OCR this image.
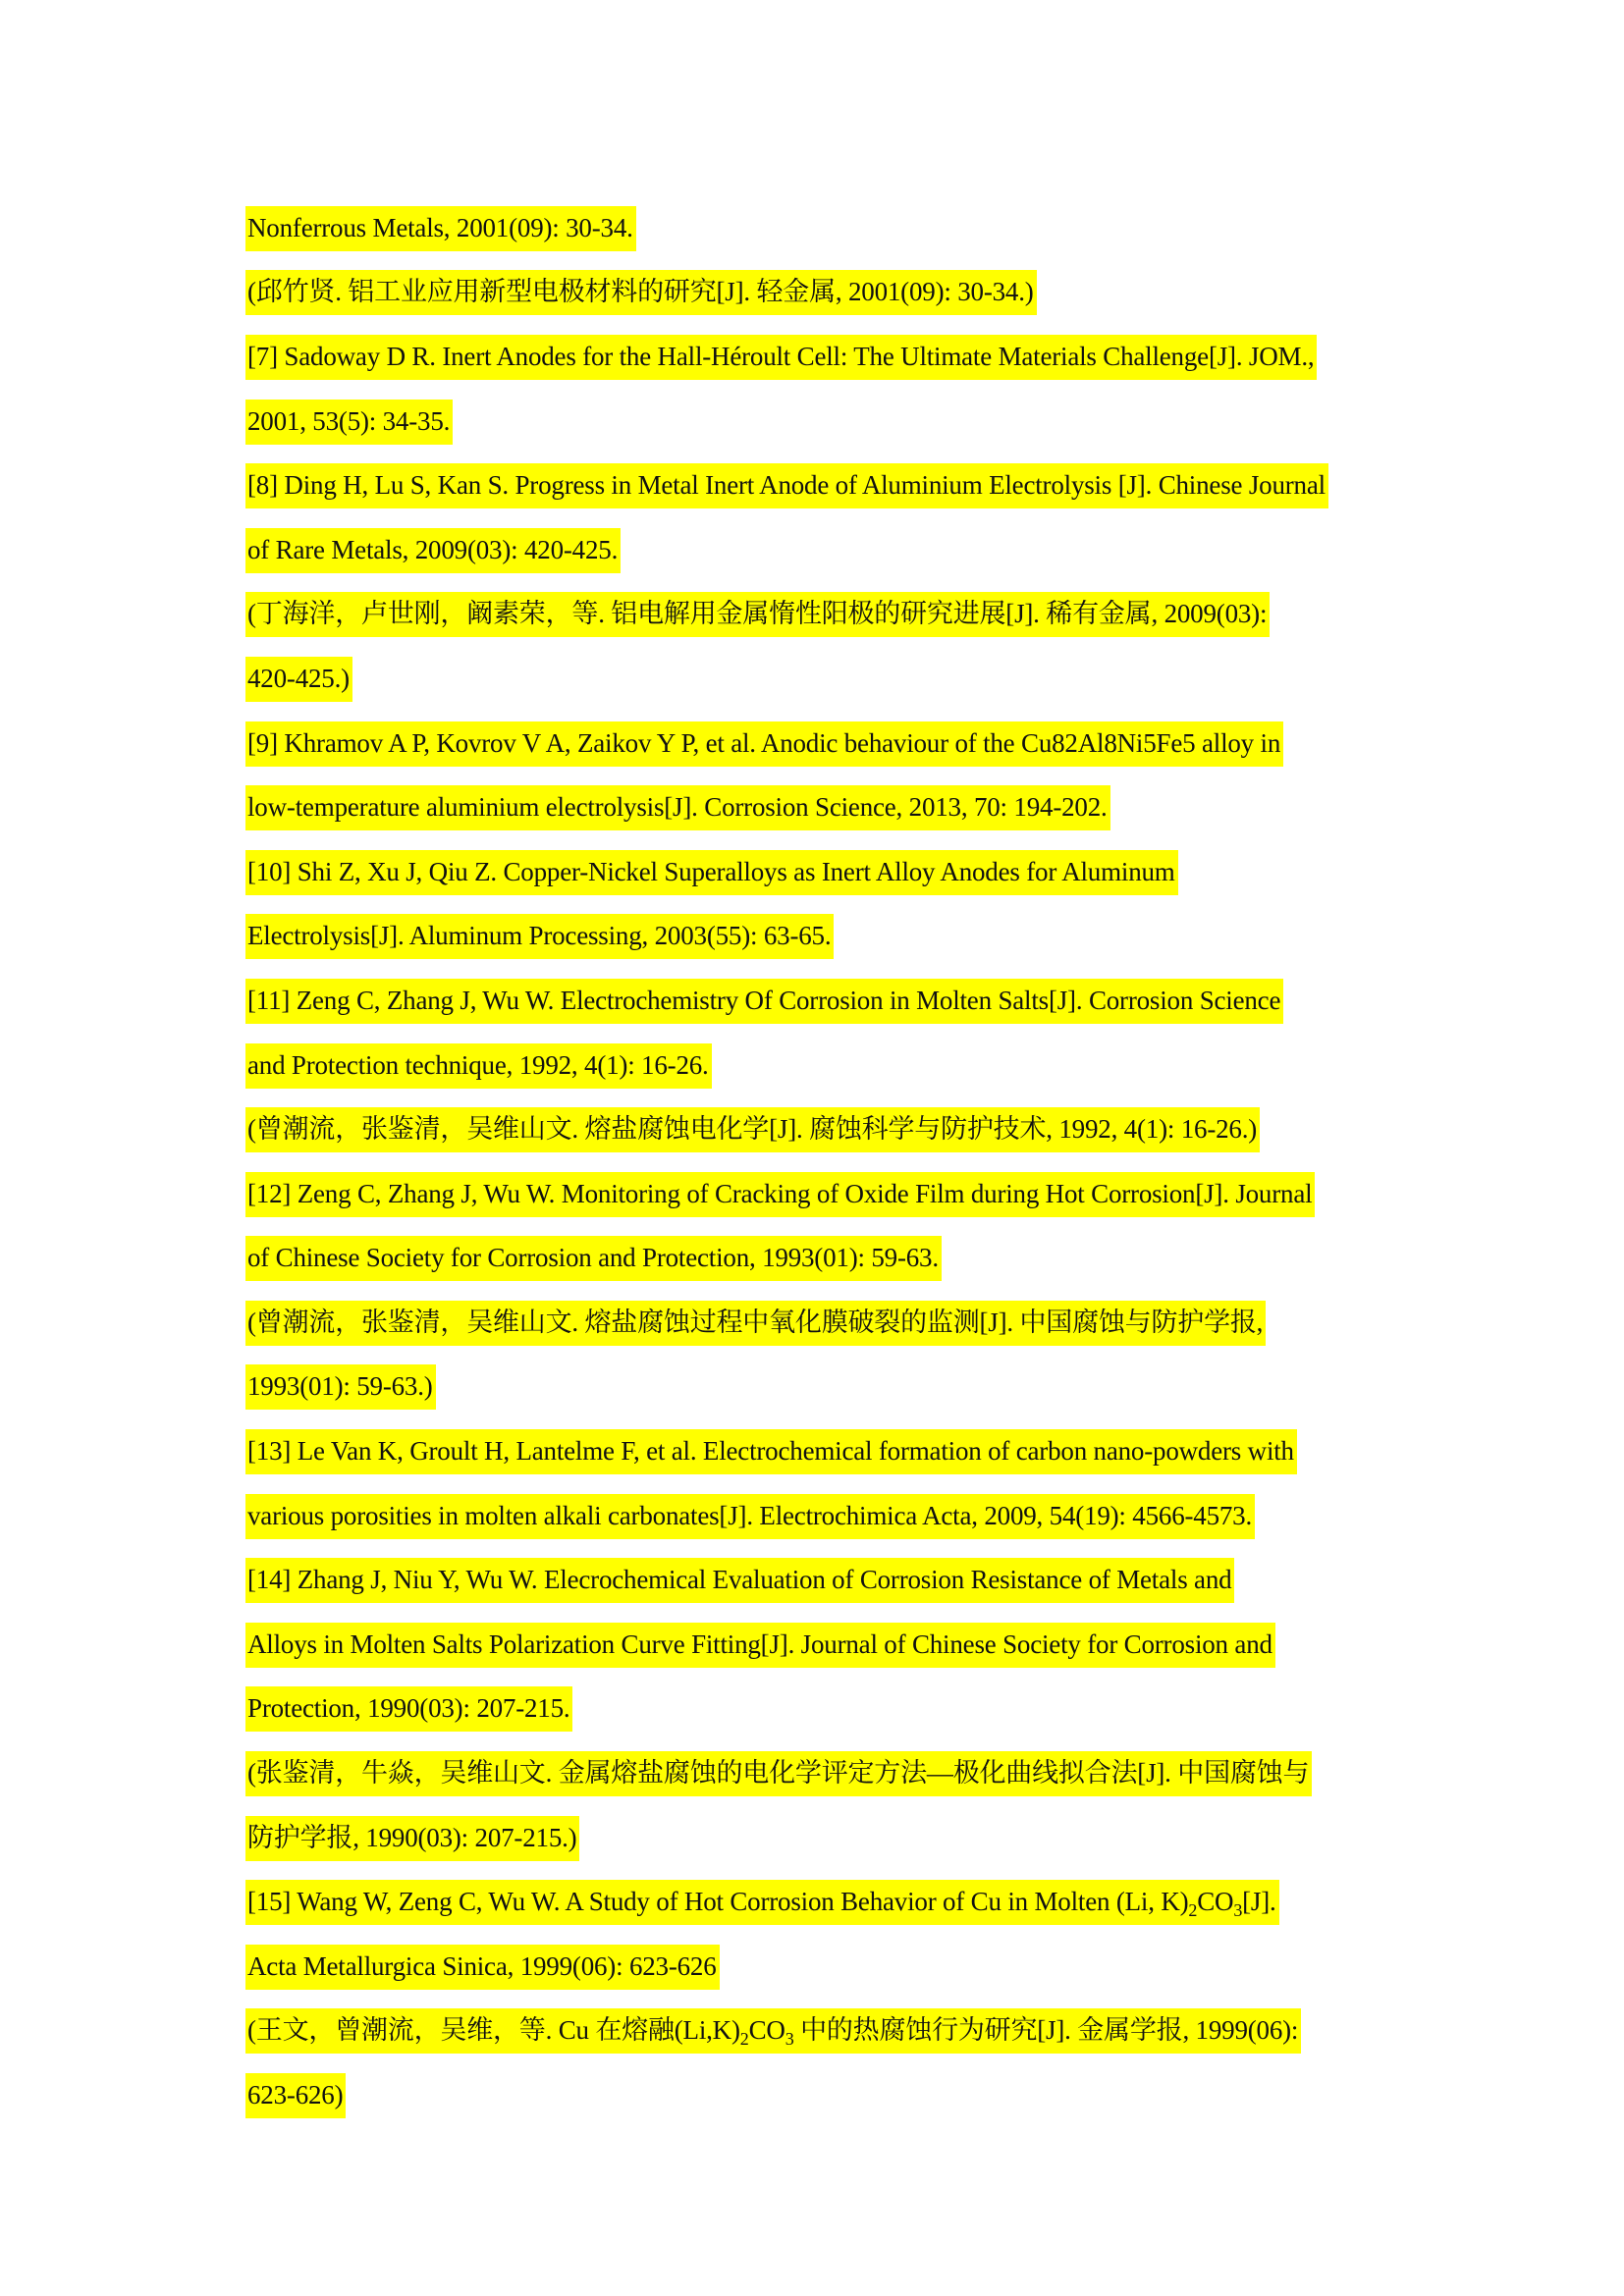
Nonferrous Metals, 2001(09): 30-34.
(邱竹贤. 铝工业应用新型电极材料的研究[J]. 轻金属, 2001(09): 30-34.)
[7] Sadoway D R. Inert Anodes for the Hall-Héroult Cell: The Ultimate Materials Challenge[J]. JOM.,
2001, 53(5): 34-35.
[8] Ding H, Lu S, Kan S. Progress in Metal Inert Anode of Aluminium Electrolysis [J]. Chinese Journal
of Rare Metals, 2009(03): 420-425.
(丁海洋，卢世刚，阚素荣，等. 铝电解用金属惰性阳极的研究进展[J]. 稀有金属, 2009(03):
420-425.)
[9] Khramov A P, Kovrov V A, Zaikov Y P, et al. Anodic behaviour of the Cu82Al8Ni5Fe5 alloy in
low-temperature aluminium electrolysis[J]. Corrosion Science, 2013, 70: 194-202.
[10] Shi Z, Xu J, Qiu Z. Copper-Nickel Superalloys as Inert Alloy Anodes for Aluminum
Electrolysis[J]. Aluminum Processing, 2003(55): 63-65.
[11] Zeng C, Zhang J, Wu W. Electrochemistry Of Corrosion in Molten Salts[J]. Corrosion Science
and Protection technique, 1992, 4(1): 16-26.
(曾潮流，张鉴清，吴维山文. 熔盐腐蚀电化学[J]. 腐蚀科学与防护技术, 1992, 4(1): 16-26.)
[12] Zeng C, Zhang J, Wu W. Monitoring of Cracking of Oxide Film during Hot Corrosion[J]. Journal
of Chinese Society for Corrosion and Protection, 1993(01): 59-63.
(曾潮流，张鉴清，吴维山文. 熔盐腐蚀过程中氧化膜破裂的监测[J]. 中国腐蚀与防护学报,
1993(01): 59-63.)
[13] Le Van K, Groult H, Lantelme F, et al. Electrochemical formation of carbon nano-powders with
various porosities in molten alkali carbonates[J]. Electrochimica Acta, 2009, 54(19): 4566-4573.
[14] Zhang J, Niu Y, Wu W. Elecrochemical Evaluation of Corrosion Resistance of Metals and
Alloys in Molten Salts Polarization Curve Fitting[J]. Journal of Chinese Society for Corrosion and
Protection, 1990(03): 207-215.
(张鉴清，牛焱，吴维山文. 金属熔盐腐蚀的电化学评定方法—极化曲线拟合法[J]. 中国腐蚀与
防护学报, 1990(03): 207-215.)
[15] Wang W, Zeng C, Wu W. A Study of Hot Corrosion Behavior of Cu in Molten (Li, $K)_2CO_3[J]$.
Acta Metallurgica Sinica, 1999(06): 623-626
(王文，曾潮流，吴维，等. Cu 在熔融$(Li,K)_2CO_3$ 中的热腐蚀行为研究[J]. 金属学报, 1999(06):
623-626)
